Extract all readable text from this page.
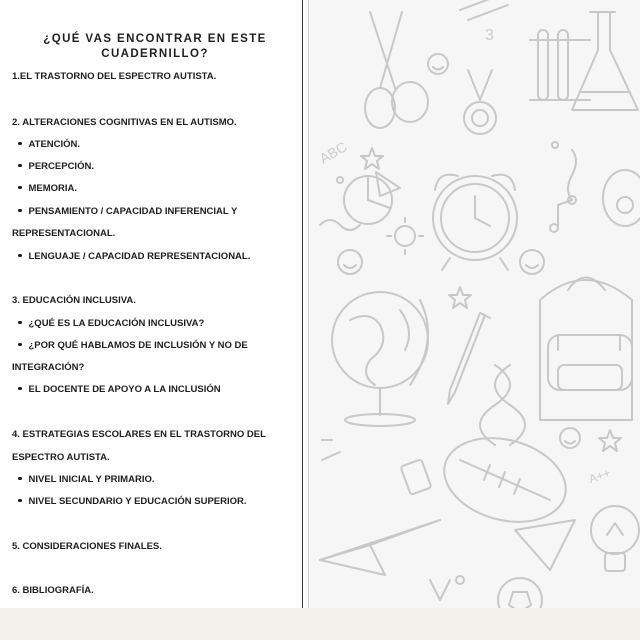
¿QUÉ VAS ENCONTRAR EN ESTE CUADERNILLO?
1.EL TRASTORNO DEL ESPECTRO AUTISTA.
2. ALTERACIONES COGNITIVAS EN EL AUTISMO.
ATENCIÓN.
PERCEPCIÓN.
MEMORIA.
PENSAMIENTO / CAPACIDAD INFERENCIAL Y
REPRESENTACIONAL.
LENGUAJE / CAPACIDAD REPRESENTACIONAL.
3. EDUCACIÓN INCLUSIVA.
¿QUÉ ES LA EDUCACIÓN INCLUSIVA?
¿POR QUÉ HABLAMOS DE INCLUSIÓN Y NO DE
INTEGRACIÓN?
EL DOCENTE DE APOYO A LA INCLUSIÓN
4. ESTRATEGIAS ESCOLARES EN EL TRASTORNO DEL
ESPECTRO AUTISTA.
NIVEL INICIAL Y PRIMARIO.
NIVEL SECUNDARIO Y EDUCACIÓN SUPERIOR.
5. CONSIDERACIONES FINALES.
6. BIBLIOGRAFÍA.
ABC
3
A++
